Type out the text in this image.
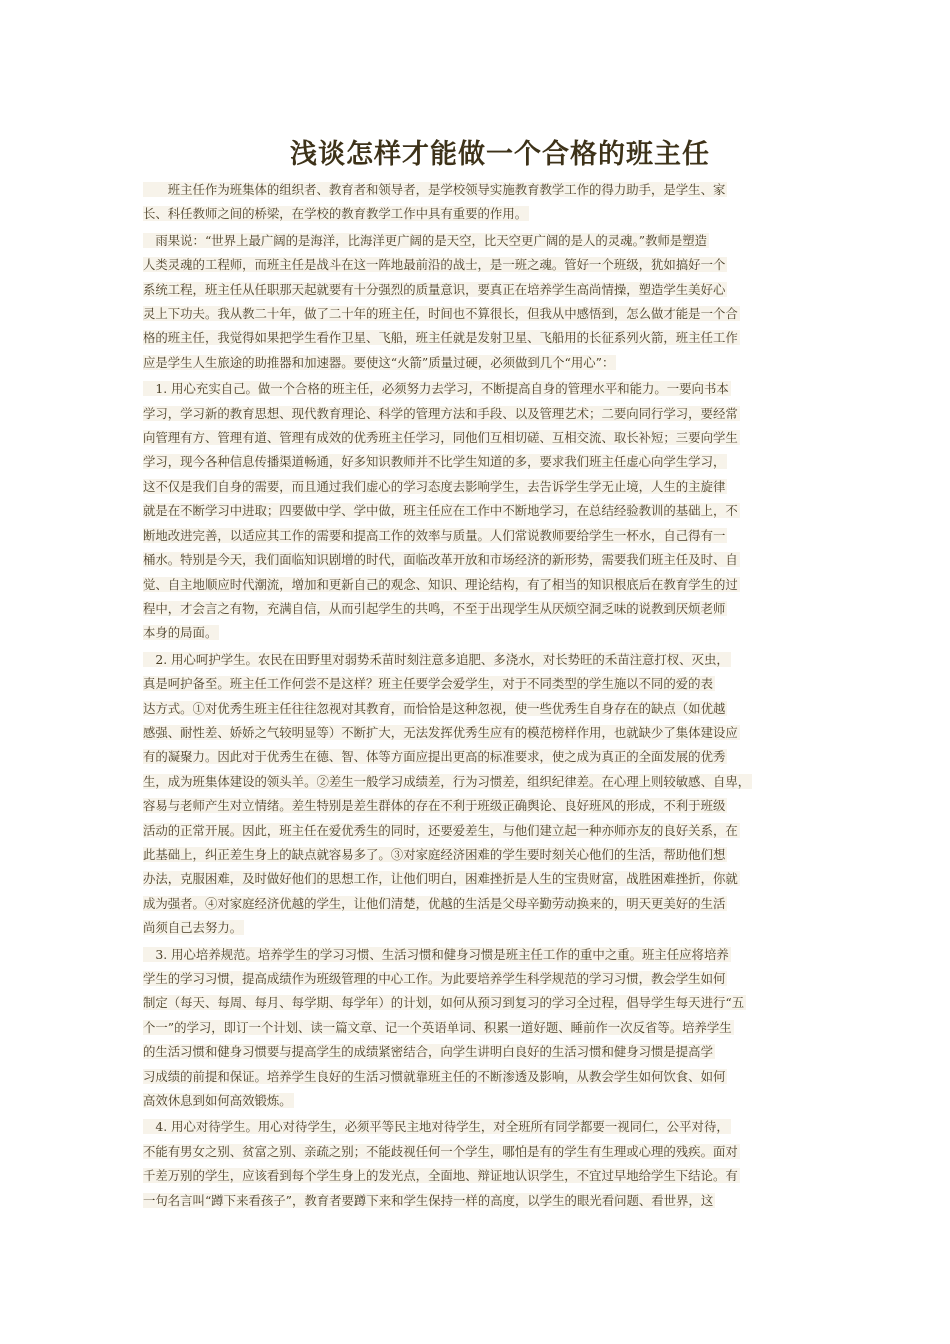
浅谈怎样才能做一个合格的班主任
　　班主任作为班集体的组织者、教育者和领导者，是学校领导实施教育教学工作的得力助手，是学生、家
长、科任教师之间的桥梁，在学校的教育教学工作中具有重要的作用。
　雨果说：“世界上最广阔的是海洋，比海洋更广阔的是天空，比天空更广阔的是人的灵魂。”教师是塑造
人类灵魂的工程师，而班主任是战斗在这一阵地最前沿的战士，是一班之魂。管好一个班级，犹如搞好一个
系统工程，班主任从任职那天起就要有十分强烈的质量意识，要真正在培养学生高尚情操，塑造学生美好心
灵上下功夫。我从教二十年，做了二十年的班主任，时间也不算很长，但我从中感悟到，怎么做才能是一个合
格的班主任，我觉得如果把学生看作卫星、飞船，班主任就是发射卫星、飞船用的长征系列火箭，班主任工作
应是学生人生旅途的助推器和加速器。要使这“火箭”质量过硬，必须做到几个“用心”：
　1. 用心充实自己。做一个合格的班主任，必须努力去学习，不断提高自身的管理水平和能力。一要向书本
学习，学习新的教育思想、现代教育理论、科学的管理方法和手段、以及管理艺术；二要向同行学习，要经常
向管理有方、管理有道、管理有成效的优秀班主任学习，同他们互相切磋、互相交流、取长补短；三要向学生
学习，现今各种信息传播渠道畅通，好多知识教师并不比学生知道的多，要求我们班主任虚心向学生学习，
这不仅是我们自身的需要，而且通过我们虚心的学习态度去影响学生，去告诉学生学无止境，人生的主旋律
就是在不断学习中进取；四要做中学、学中做，班主任应在工作中不断地学习，在总结经验教训的基础上，不
断地改进完善，以适应其工作的需要和提高工作的效率与质量。人们常说教师要给学生一杯水，自己得有一
桶水。特别是今天，我们面临知识剧增的时代，面临改革开放和市场经济的新形势，需要我们班主任及时、自
觉、自主地顺应时代潮流，增加和更新自己的观念、知识、理论结构，有了相当的知识根底后在教育学生的过
程中，才会言之有物，充满自信，从而引起学生的共鸣，不至于出现学生从厌烦空洞乏味的说教到厌烦老师
本身的局面。
　2. 用心呵护学生。农民在田野里对弱势禾苗时刻注意多追肥、多浇水，对长势旺的禾苗注意打杈、灭虫，
真是呵护备至。班主任工作何尝不是这样？班主任要学会爱学生，对于不同类型的学生施以不同的爱的表
达方式。①对优秀生班主任往往忽视对其教育，而恰恰是这种忽视，使一些优秀生自身存在的缺点（如优越
感强、耐性差、娇娇之气较明显等）不断扩大，无法发挥优秀生应有的模范榜样作用，也就缺少了集体建设应
有的凝聚力。因此对于优秀生在德、智、体等方面应提出更高的标准要求，使之成为真正的全面发展的优秀
生，成为班集体建设的领头羊。②差生一般学习成绩差，行为习惯差，组织纪律差。在心理上则较敏感、自卑，
容易与老师产生对立情绪。差生特别是差生群体的存在不利于班级正确舆论、良好班风的形成，不利于班级
活动的正常开展。因此，班主任在爱优秀生的同时，还要爱差生，与他们建立起一种亦师亦友的良好关系，在
此基础上，纠正差生身上的缺点就容易多了。③对家庭经济困难的学生要时刻关心他们的生活，帮助他们想
办法，克服困难，及时做好他们的思想工作，让他们明白，困难挫折是人生的宝贵财富，战胜困难挫折，你就
成为强者。④对家庭经济优越的学生，让他们清楚，优越的生活是父母辛勤劳动换来的，明天更美好的生活
尚须自己去努力。
　3. 用心培养规范。培养学生的学习习惯、生活习惯和健身习惯是班主任工作的重中之重。班主任应将培养
学生的学习习惯，提高成绩作为班级管理的中心工作。为此要培养学生科学规范的学习习惯，教会学生如何
制定（每天、每周、每月、每学期、每学年）的计划，如何从预习到复习的学习全过程，倡导学生每天进行“五
个一”的学习，即订一个计划、读一篇文章、记一个英语单词、积累一道好题、睡前作一次反省等。培养学生
的生活习惯和健身习惯要与提高学生的成绩紧密结合，向学生讲明白良好的生活习惯和健身习惯是提高学
习成绩的前提和保证。培养学生良好的生活习惯就靠班主任的不断渗透及影响，从教会学生如何饮食、如何
高效休息到如何高效锻炼。
　4. 用心对待学生。用心对待学生，必须平等民主地对待学生，对全班所有同学都要一视同仁，公平对待，
不能有男女之别、贫富之别、亲疏之别；不能歧视任何一个学生，哪怕是有的学生有生理或心理的残疾。面对
千差万别的学生，应该看到每个学生身上的发光点，全面地、辩证地认识学生，不宜过早地给学生下结论。有
一句名言叫“蹲下来看孩子”，教育者要蹲下来和学生保持一样的高度，以学生的眼光看问题、看世界，这
